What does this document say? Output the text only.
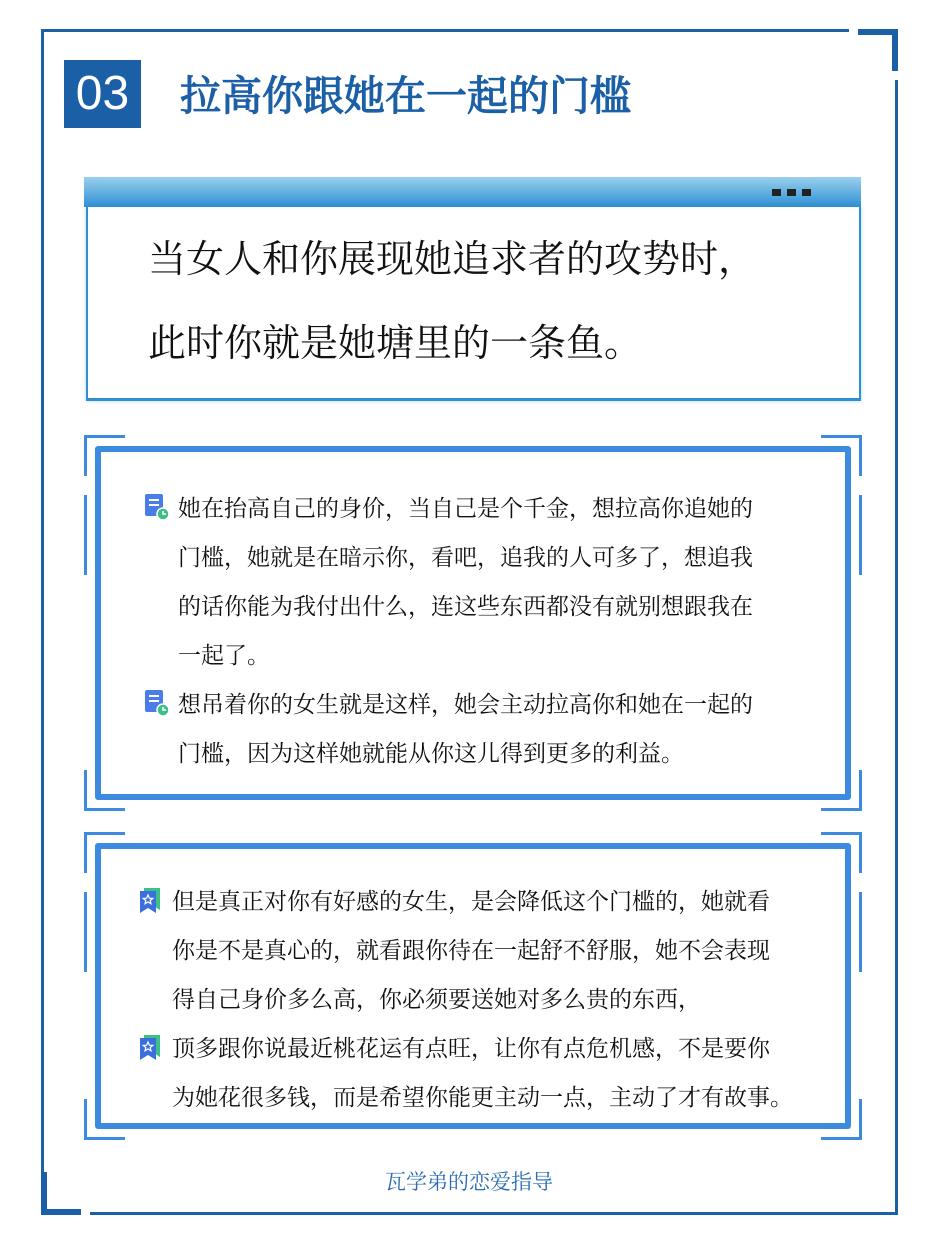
03 拉高你跟她在一起的门槛
当女人和你展现她追求者的攻势时，
此时你就是她塘里的一条鱼。
她在抬高自己的身价，当自己是个千金，想拉高你追她的
门槛，她就是在暗示你，看吧，追我的人可多了，想追我
的话你能为我付出什么，连这些东西都没有就别想跟我在
一起了。
想吊着你的女生就是这样，她会主动拉高你和她在一起的
门槛，因为这样她就能从你这儿得到更多的利益。
但是真正对你有好感的女生，是会降低这个门槛的，她就看
你是不是真心的，就看跟你待在一起舒不舒服，她不会表现
得自己身价多么高，你必须要送她对多么贵的东西，
顶多跟你说最近桃花运有点旺，让你有点危机感，不是要你
为她花很多钱，而是希望你能更主动一点，主动了才有故事。
瓦学弟的恋爱指导
